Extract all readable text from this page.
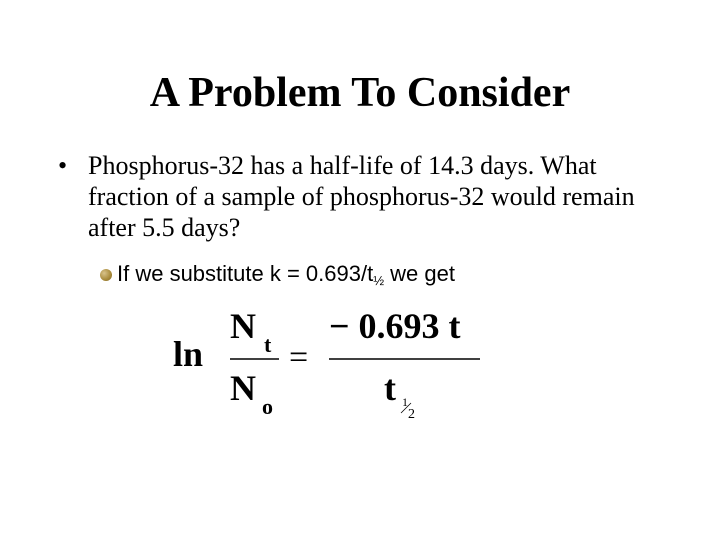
A Problem To Consider
• Phosphorus-32 has a half-life of 14.3 days. What fraction of a sample of phosphorus-32 would remain after 5.5 days?
If we substitute $k = 0.693/t_{\frac{1}{2}}$ we get
ln
N t
N o
=
− 0.693 t
t 1
2
